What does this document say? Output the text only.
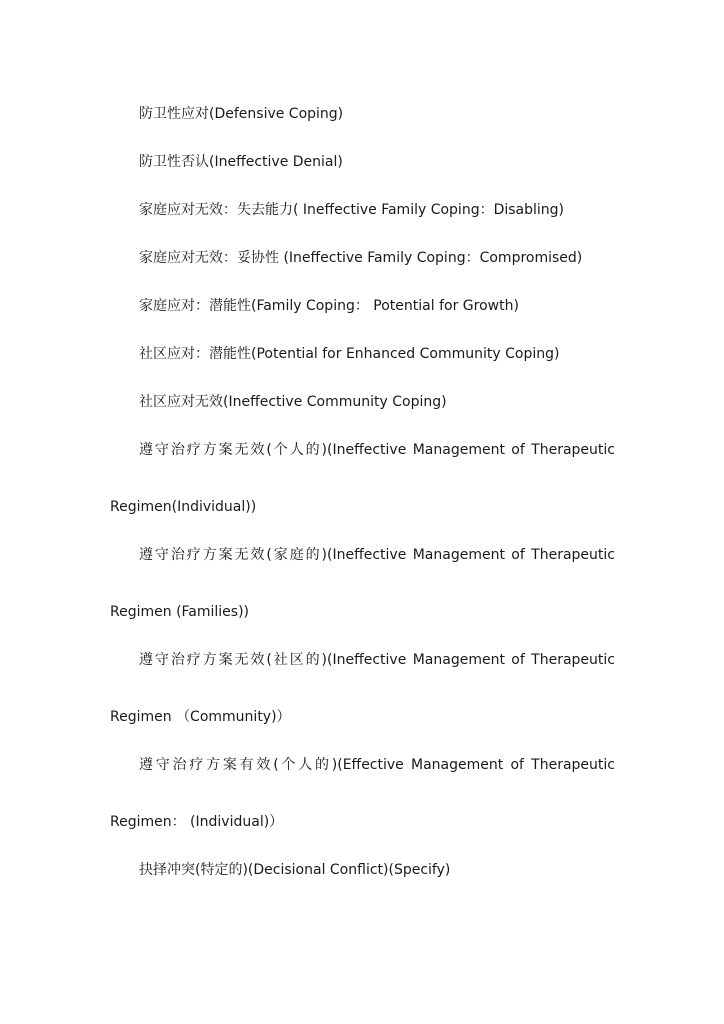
防卫性应对(Defensive Coping)

防卫性否认(Ineffective Denial)

家庭应对无效：失去能力( Ineffective Family Coping：Disabling)

家庭应对无效：妥协性 (Ineffective Family Coping：Compromised)

家庭应对：潜能性(Family Coping： Potential for Growth)

社区应对：潜能性(Potential for Enhanced Community Coping)

社区应对无效(Ineffective Community Coping)

遵守治疗方案无效(个人的)(Ineffective Management of Therapeutic

Regimen(Individual))

遵守治疗方案无效(家庭的)(Ineffective Management of Therapeutic

Regimen (Families))

遵守治疗方案无效(社区的)(Ineffective Management of Therapeutic

Regimen （Community)）

遵守治疗方案有效(个人的)(Effective Management of Therapeutic

Regimen： (Individual)）

抉择冲突(特定的)(Decisional Conflict)(Specify)
